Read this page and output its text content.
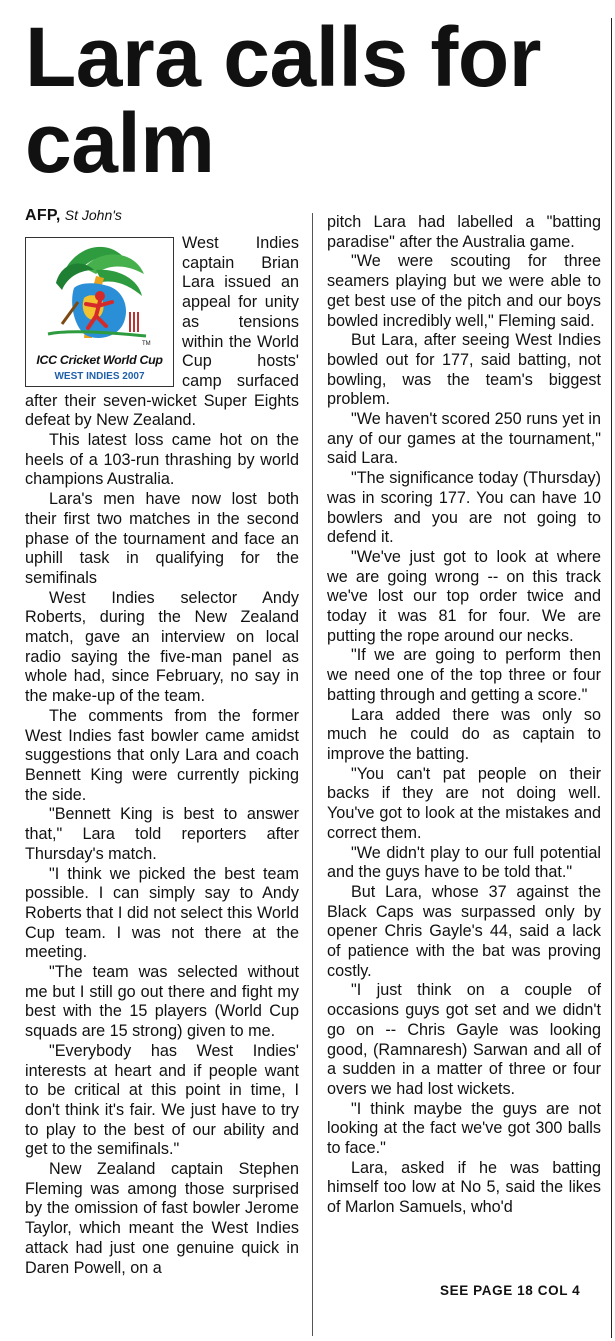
Lara calls for calm
AFP, St John's
TM
ICC Cricket World Cup
WEST INDIES 2007

West Indies captain Brian Lara issued an appeal for unity as tensions within the World Cup hosts' camp surfaced after their seven-wicket Super Eights defeat by New Zealand.

This latest loss came hot on the heels of a 103-run thrashing by world champions Australia.

Lara's men have now lost both their first two matches in the second phase of the tournament and face an uphill task in qualifying for the semifinals

West Indies selector Andy Roberts, during the New Zealand match, gave an interview on local radio saying the five-man panel as whole had, since February, no say in the make-up of the team.

The comments from the former West Indies fast bowler came amidst suggestions that only Lara and coach Bennett King were currently picking the side.

"Bennett King is best to answer that," Lara told reporters after Thursday's match.

"I think we picked the best team possible. I can simply say to Andy Roberts that I did not select this World Cup team. I was not there at the meeting.

"The team was selected without me but I still go out there and fight my best with the 15 players (World Cup squads are 15 strong) given to me.

"Everybody has West Indies' interests at heart and if people want to be critical at this point in time, I don't think it's fair. We just have to try to play to the best of our ability and get to the semifinals."

New Zealand captain Stephen Fleming was among those surprised by the omission of fast bowler Jerome Taylor, which meant the West Indies attack had just one genuine quick in Daren Powell, on a

pitch Lara had labelled a "batting paradise" after the Australia game.

"We were scouting for three seamers playing but we were able to get best use of the pitch and our boys bowled incredibly well," Fleming said.

But Lara, after seeing West Indies bowled out for 177, said batting, not bowling, was the team's biggest problem.

"We haven't scored 250 runs yet in any of our games at the tournament," said Lara.

"The significance today (Thursday) was in scoring 177. You can have 10 bowlers and you are not going to defend it.

"We've just got to look at where we are going wrong -- on this track we've lost our top order twice and today it was 81 for four. We are putting the rope around our necks.

"If we are going to perform then we need one of the top three or four batting through and getting a score."

Lara added there was only so much he could do as captain to improve the batting.

"You can't pat people on their backs if they are not doing well. You've got to look at the mistakes and correct them.

"We didn't play to our full potential and the guys have to be told that."

But Lara, whose 37 against the Black Caps was surpassed only by opener Chris Gayle's 44, said a lack of patience with the bat was proving costly.

"I just think on a couple of occasions guys got set and we didn't go on -- Chris Gayle was looking good, (Ramnaresh) Sarwan and all of a sudden in a matter of three or four overs we had lost wickets.

"I think maybe the guys are not looking at the fact we've got 300 balls to face."

Lara, asked if he was batting himself too low at No 5, said the likes of Marlon Samuels, who'd

SEE PAGE 18 COL 4
